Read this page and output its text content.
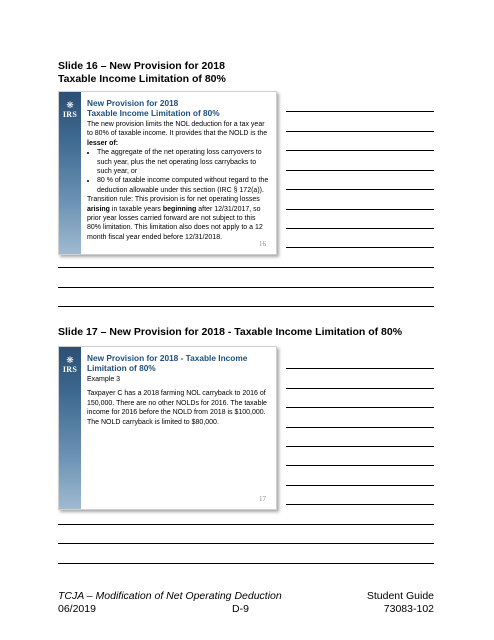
Slide 16 – New Provision for 2018
Taxable Income Limitation of 80%
❋
IRS
New Provision for 2018
Taxable Income Limitation of 80%

The new provision limits the NOL deduction for a tax year to 80% of taxable income. It provides that the NOLD is the lesser of:

• The aggregate of the net operating loss carryovers to such year, plus the net operating loss carrybacks to such year, or
• 80 % of taxable income computed without regard to the deduction allowable under this section (IRC § 172(a)).

Transition rule: This provision is for net operating losses arising in taxable years beginning after 12/31/2017, so prior year losses carried forward are not subject to this 80% limitation. This limitation also does not apply to a 12 month fiscal year ended before 12/31/2018.

16
Slide 17 – New Provision for 2018 - Taxable Income Limitation of 80%
❋
IRS
New Provision for 2018 - Taxable Income
Limitation of 80%

Example 3

Taxpayer C has a 2018 farming NOL carryback to 2016 of 150,000. There are no other NOLDs for 2016. The taxable income for 2016 before the NOLD from 2018 is $100,000. The NOLD carryback is limited to $80,000.

17
TCJA – Modification of Net Operating Deduction	Student Guide
06/2019	D-9	73083-102
